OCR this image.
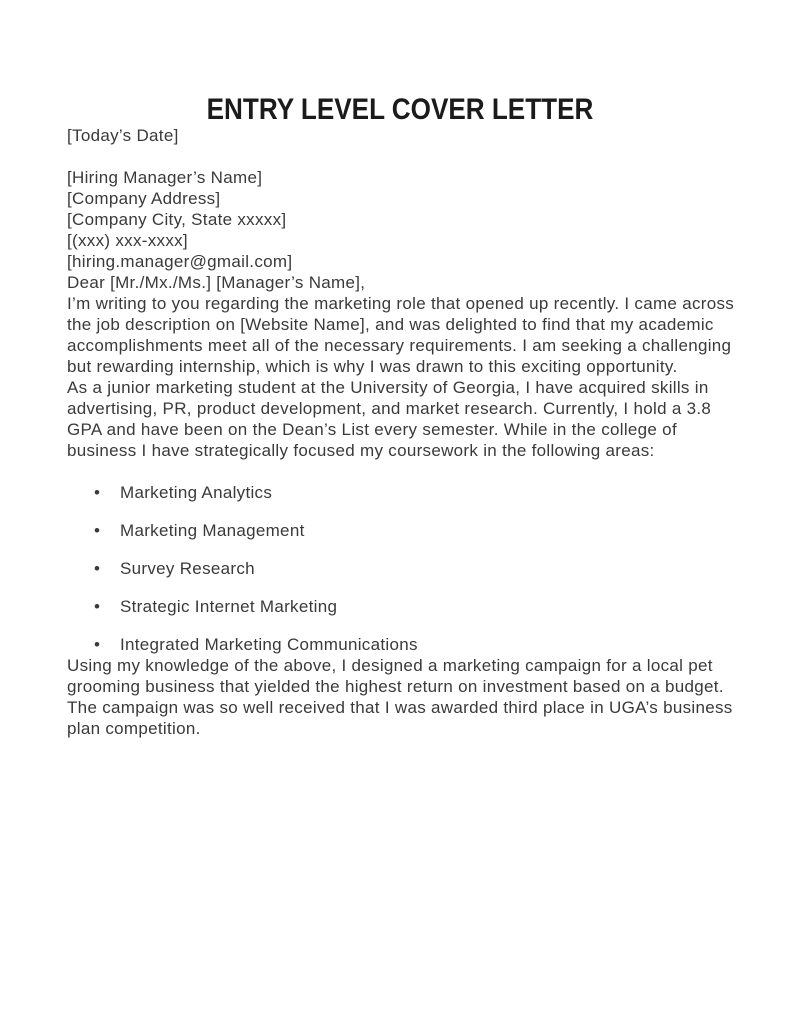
ENTRY LEVEL COVER LETTER

[Today’s Date]

[Hiring Manager’s Name]
[Company Address]
[Company City, State xxxxx]
[(xxx) xxx-xxxx]
[hiring.manager@gmail.com]

Dear [Mr./Mx./Ms.] [Manager’s Name],

I’m writing to you regarding the marketing role that opened up recently. I came across the job description on [Website Name], and was delighted to find that my academic accomplishments meet all of the necessary requirements. I am seeking a challenging but rewarding internship, which is why I was drawn to this exciting opportunity.

As a junior marketing student at the University of Georgia, I have acquired skills in advertising, PR, product development, and market research. Currently, I hold a 3.8 GPA and have been on the Dean’s List every semester. While in the college of business I have strategically focused my coursework in the following areas:

• Marketing Analytics
• Marketing Management
• Survey Research
• Strategic Internet Marketing
• Integrated Marketing Communications

Using my knowledge of the above, I designed a marketing campaign for a local pet grooming business that yielded the highest return on investment based on a budget. The campaign was so well received that I was awarded third place in UGA’s business plan competition.
